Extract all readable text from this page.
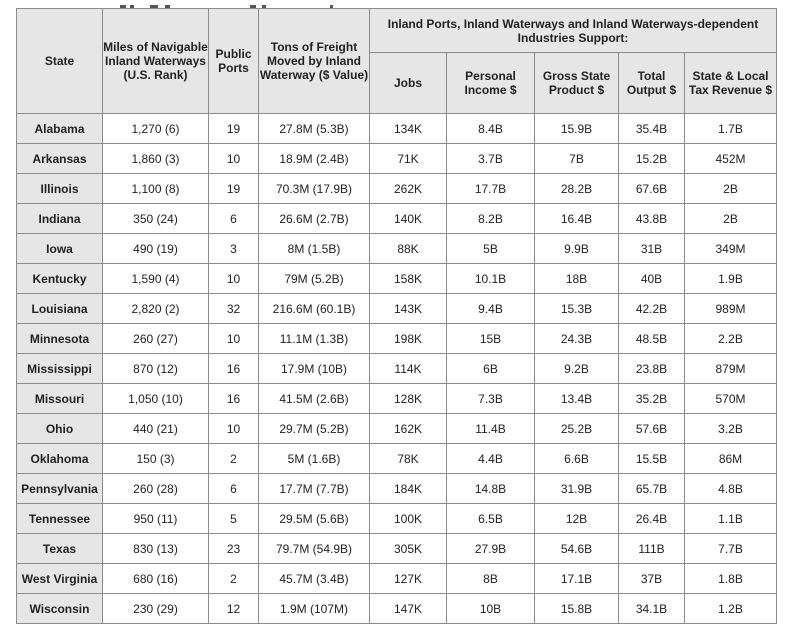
State	Miles of Navigable Inland Waterways (U.S. Rank)	Public Ports	Tons of Freight Moved by Inland Waterway ($ Value)	Inland Ports, Inland Waterways and Inland Waterways-dependent Industries Support:				
				Jobs	Personal Income $	Gross State Product $	Total Output $	State & Local Tax Revenue $
Alabama	1,270 (6)	19	27.8M (5.3B)	134K	8.4B	15.9B	35.4B	1.7B
Arkansas	1,860 (3)	10	18.9M (2.4B)	71K	3.7B	7B	15.2B	452M
Illinois	1,100 (8)	19	70.3M (17.9B)	262K	17.7B	28.2B	67.6B	2B
Indiana	350 (24)	6	26.6M (2.7B)	140K	8.2B	16.4B	43.8B	2B
Iowa	490 (19)	3	8M (1.5B)	88K	5B	9.9B	31B	349M
Kentucky	1,590 (4)	10	79M (5.2B)	158K	10.1B	18B	40B	1.9B
Louisiana	2,820 (2)	32	216.6M (60.1B)	143K	9.4B	15.3B	42.2B	989M
Minnesota	260 (27)	10	11.1M (1.3B)	198K	15B	24.3B	48.5B	2.2B
Mississippi	870 (12)	16	17.9M (10B)	114K	6B	9.2B	23.8B	879M
Missouri	1,050 (10)	16	41.5M (2.6B)	128K	7.3B	13.4B	35.2B	570M
Ohio	440 (21)	10	29.7M (5.2B)	162K	11.4B	25.2B	57.6B	3.2B
Oklahoma	150 (3)	2	5M (1.6B)	78K	4.4B	6.6B	15.5B	86M
Pennsylvania	260 (28)	6	17.7M (7.7B)	184K	14.8B	31.9B	65.7B	4.8B
Tennessee	950 (11)	5	29.5M (5.6B)	100K	6.5B	12B	26.4B	1.1B
Texas	830 (13)	23	79.7M (54.9B)	305K	27.9B	54.6B	111B	7.7B
West Virginia	680 (16)	2	45.7M (3.4B)	127K	8B	17.1B	37B	1.8B
Wisconsin	230 (29)	12	1.9M (107M)	147K	10B	15.8B	34.1B	1.2B
